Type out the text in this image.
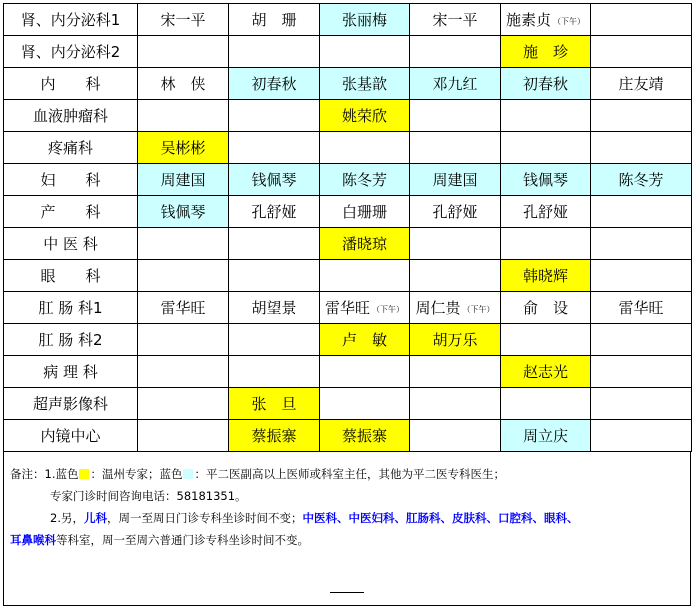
肾、内分泌科1	宋一平	胡　珊	张丽梅	宋一平	施素贞 （下午）	
肾、内分泌科2					施　珍	
内　　科	林　侠	初春秋	张基歆	邓九红	初春秋	庄友靖
血液肿瘤科			姚荣欣			
疼痛科	吴彬彬					
妇　　科	周建国	钱佩琴	陈冬芳	周建国	钱佩琴	陈冬芳
产　　科	钱佩琴	孔舒娅	白珊珊	孔舒娅	孔舒娅	
中 医 科			潘晓琼			
眼　　科					韩晓辉	
肛 肠 科1	雷华旺	胡望景	雷华旺 （下午）	周仁贵 （下午）	俞　设	雷华旺
肛 肠 科2			卢　敏	胡万乐		
病 理 科					赵志光	
超声影像科		张　旦				
内镜中心		蔡振寨	蔡振寨		周立庆	
备注：1.蓝色 ：温州专家；蓝色 ：平二医副高以上医师或科室主任，其他为平二医专科医生；
专家门诊时间咨询电话：58181351。
2.另，儿科，周一至周日门诊专科坐诊时间不变；中医科、中医妇科、肛肠科、皮肤科、口腔科、眼科、
耳鼻喉科等科室，周一至周六普通门诊专科坐诊时间不变。
